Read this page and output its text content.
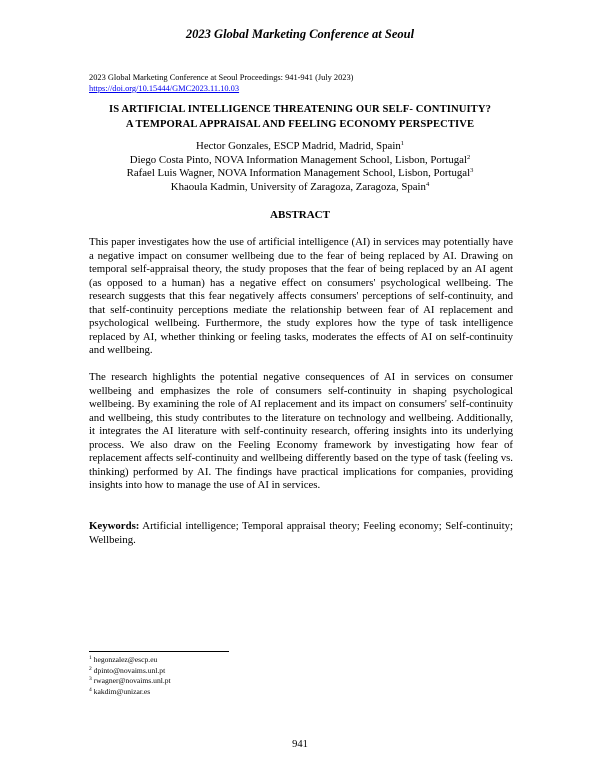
2023 Global Marketing Conference at Seoul
2023 Global Marketing Conference at Seoul Proceedings: 941-941 (July 2023)
https://doi.org/10.15444/GMC2023.11.10.03
IS ARTIFICIAL INTELLIGENCE THREATENING OUR SELF- CONTINUITY?
A TEMPORAL APPRAISAL AND FEELING ECONOMY PERSPECTIVE
Hector Gonzales, ESCP Madrid, Madrid, Spain$^1$
Diego Costa Pinto, NOVA Information Management School, Lisbon, Portugal$^2$
Rafael Luis Wagner, NOVA Information Management School, Lisbon, Portugal$^3$
Khaoula Kadmin, University of Zaragoza, Zaragoza, Spain$^4$
ABSTRACT
This paper investigates how the use of artificial intelligence (AI) in services may potentially have a negative impact on consumer wellbeing due to the fear of being replaced by AI. Drawing on temporal self-appraisal theory, the study proposes that the fear of being replaced by an AI agent (as opposed to a human) has a negative effect on consumers' psychological wellbeing. The research suggests that this fear negatively affects consumers' perceptions of self-continuity, and that self-continuity perceptions mediate the relationship between fear of AI replacement and psychological wellbeing. Furthermore, the study explores how the type of task intelligence replaced by AI, whether thinking or feeling tasks, moderates the effects of AI on self-continuity and wellbeing.
The research highlights the potential negative consequences of AI in services on consumer wellbeing and emphasizes the role of consumers self-continuity in shaping psychological wellbeing. By examining the role of AI replacement and its impact on consumers' self-continuity and wellbeing, this study contributes to the literature on technology and wellbeing. Additionally, it integrates the AI literature with self-continuity research, offering insights into its underlying process. We also draw on the Feeling Economy framework by investigating how fear of replacement affects self-continuity and wellbeing differently based on the type of task (feeling vs. thinking) performed by AI. The findings have practical implications for companies, providing insights into how to manage the use of AI in services.
Keywords: Artificial intelligence; Temporal appraisal theory; Feeling economy; Self-continuity; Wellbeing.
$^1$ hegonzalez@escp.eu
$^2$ dpinto@novaims.unl.pt
$^3$ rwagner@novaims.unl.pt
$^4$ kakdim@unizar.es
941
